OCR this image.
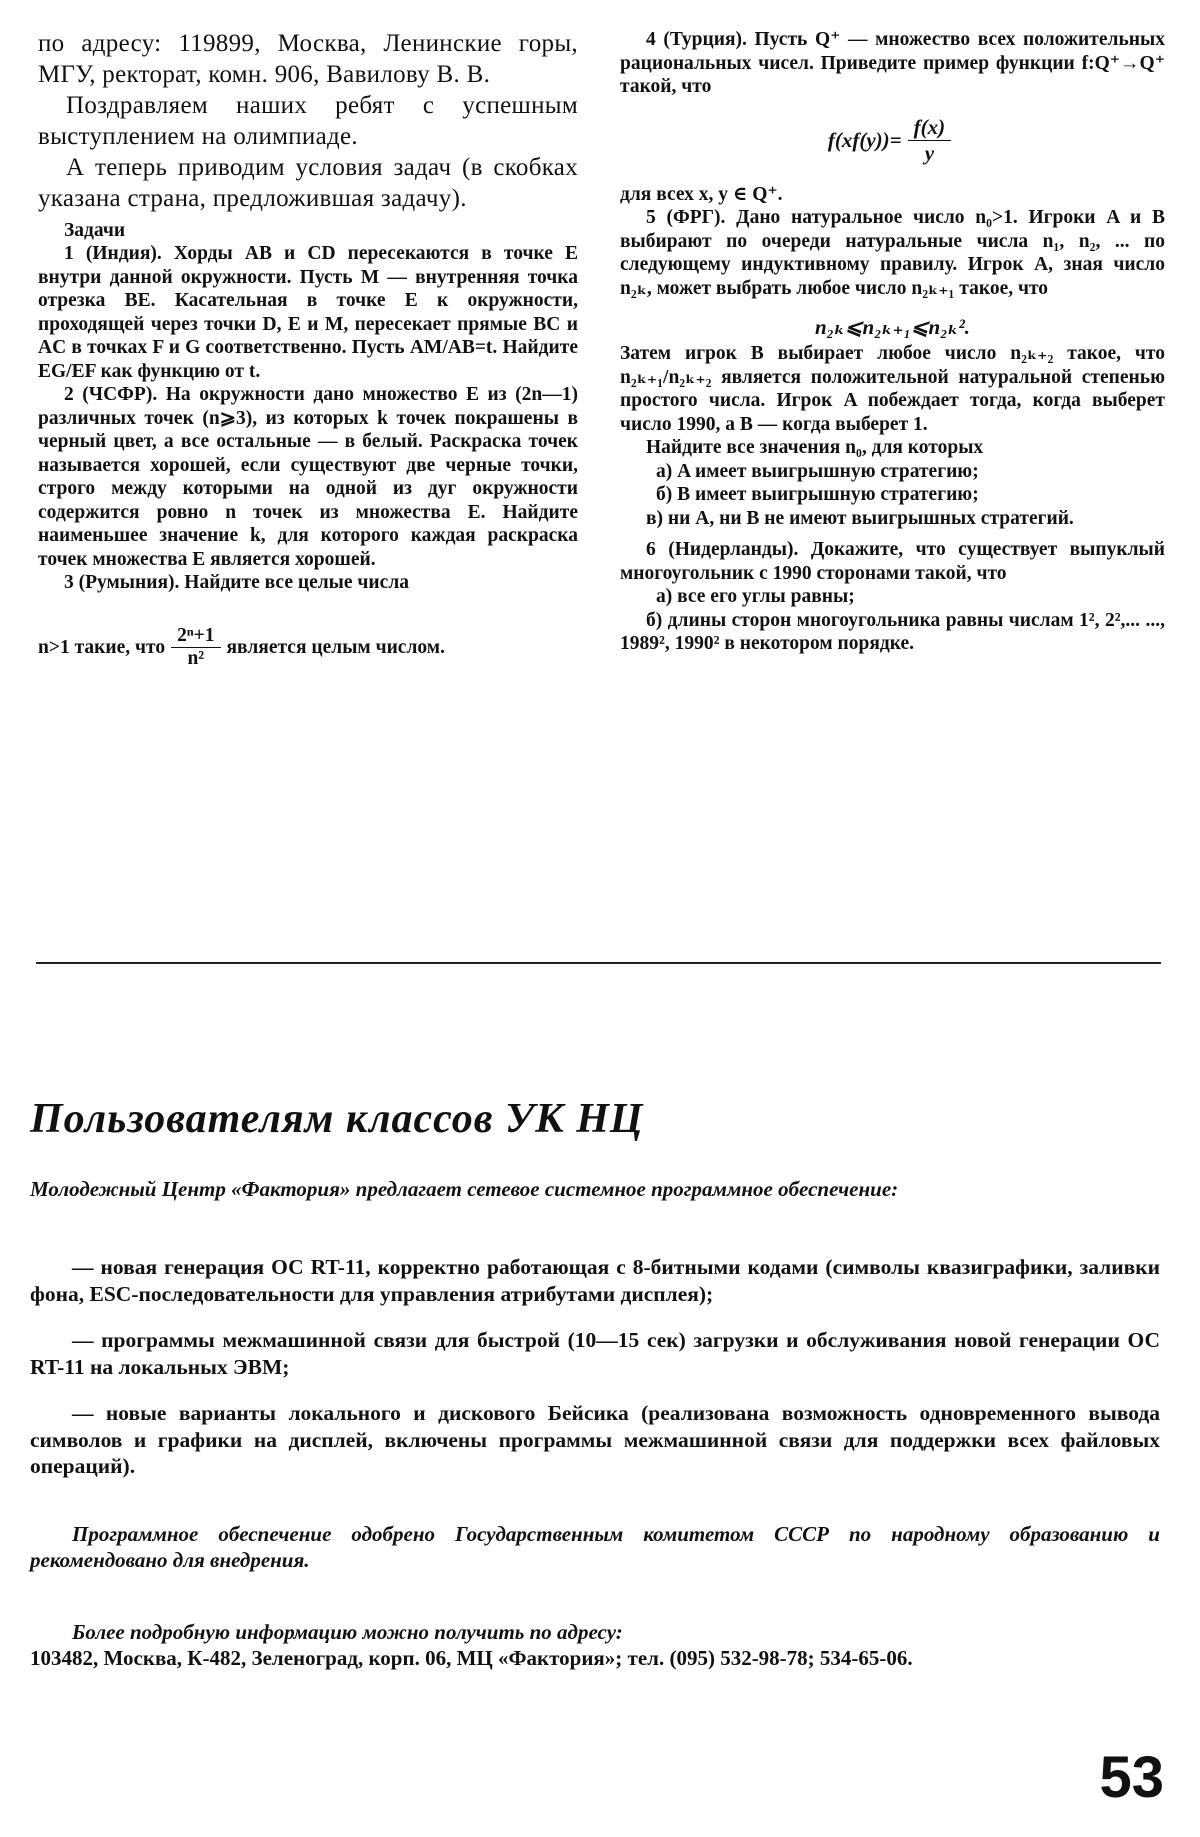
по адресу: 119899, Москва, Ленинские горы, МГУ, ректорат, комн. 906, Вавилову В. В.

Поздравляем наших ребят с успешным выступлением на олимпиаде.

А теперь приводим условия задач (в скобках указана страна, предложившая задачу).

Задачи

1 (Индия). Хорды AB и CD пересекаются в точке E внутри данной окружности. Пусть M — внутренняя точка отрезка BE. Касательная в точке E к окружности, проходящей через точки D, E и M, пересекает прямые BC и AC в точках F и G соответственно. Пусть AM/AB=t. Найдите EG/EF как функцию от t.

2 (ЧСФР). На окружности дано множество E из (2n—1) различных точек (n⩾3), из которых k точек покрашены в черный цвет, а все остальные — в белый. Раскраска точек называется хорошей, если существуют две черные точки, строго между которыми на одной из дуг окружности содержится ровно n точек из множества E. Найдите наименьшее значение k, для которого каждая раскраска точек множества E является хорошей.

3 (Румыния). Найдите все целые числа

n>1 такие, что $\frac{\text{2ⁿ+1}}{\text{n²}}$ является целым числом.

4 (Турция). Пусть Q⁺ — множество всех положительных рациональных чисел. Приведите пример функции f:Q⁺→Q⁺ такой, что

$f(xf(y))= \frac{f(x)}{y}$

для всех x, y ∈ Q⁺.

5 (ФРГ). Дано натуральное число n₀>1. Игроки A и B выбирают по очереди натуральные числа n₁, n₂, ... по следующему индуктивному правилу. Игрок A, зная число n₂ₖ, может выбрать любое число n₂ₖ₊₁ такое, что

n₂ₖ⩽n₂ₖ₊₁⩽n₂ₖ².

Затем игрок B выбирает любое число n₂ₖ₊₂ такое, что n₂ₖ₊₁/n₂ₖ₊₂ является положительной натуральной степенью простого числа. Игрок A побеждает тогда, когда выберет число 1990, а B — когда выберет 1.

Найдите все значения n₀, для которых

а) A имеет выигрышную стратегию;

б) B имеет выигрышную стратегию;

в) ни A, ни B не имеют выигрышных стратегий.

6 (Нидерланды). Докажите, что существует выпуклый многоугольник с 1990 сторонами такой, что

а) все его углы равны;

б) длины сторон многоугольника равны числам 1², 2²,... ..., 1989², 1990² в некотором порядке.

Пользователям классов УК НЦ

Молодежный Центр «Фактория» предлагает сетевое системное программное обеспечение:

— новая генерация ОС RT-11, корректно работающая с 8-битными кодами (символы квазиграфики, заливки фона, ESC-последовательности для управления атрибутами дисплея);

— программы межмашинной связи для быстрой (10—15 сек) загрузки и обслуживания новой генерации ОС RT-11 на локальных ЭВМ;

— новые варианты локального и дискового Бейсика (реализована возможность одновременного вывода символов и графики на дисплей, включены программы межмашинной связи для поддержки всех файловых операций).

Программное обеспечение одобрено Государственным комитетом СССР по народному образованию и рекомендовано для внедрения.

Более подробную информацию можно получить по адресу:
103482, Москва, К-482, Зеленоград, корп. 06, МЦ «Фактория»; тел. (095) 532-98-78; 534-65-06.
53
